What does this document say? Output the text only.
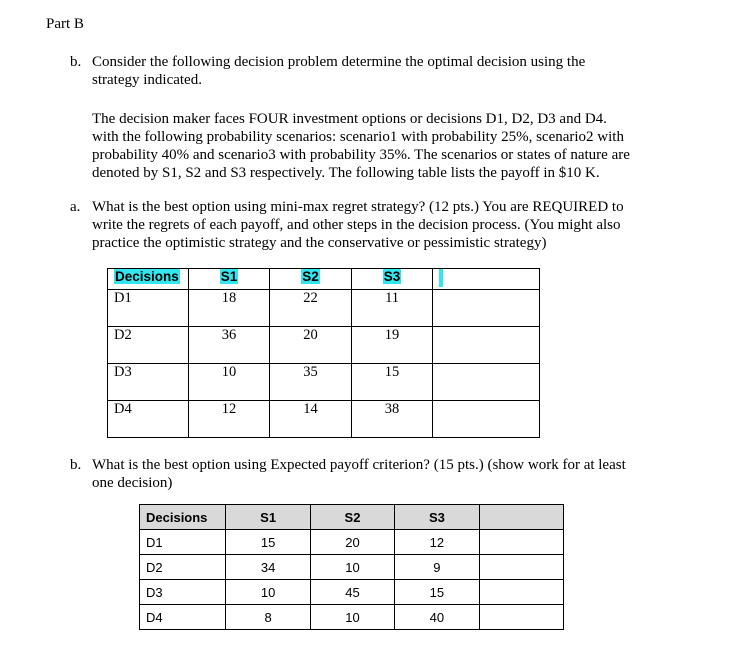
Part B
b. Consider the following decision problem determine the optimal decision using the
strategy indicated.
The decision maker faces FOUR investment options or decisions D1, D2, D3 and D4.
with the following probability scenarios: scenario1 with probability 25%, scenario2 with
probability 40% and scenario3 with probability 35%. The scenarios or states of nature are
denoted by S1, S2 and S3 respectively. The following table lists the payoff in $10 K.
a. What is the best option using mini-max regret strategy? (12 pts.) You are REQUIRED to
write the regrets of each payoff, and other steps in the decision process. (You might also
practice the optimistic strategy and the conservative or pessimistic strategy)
Decisions	S1	S2	S3	
D1	18	22	11	
D2	36	20	19	
D3	10	35	15	
D4	12	14	38	
b. What is the best option using Expected payoff criterion? (15 pts.) (show work for at least
one decision)
Decisions	S1	S2	S3	
D1	15	20	12	
D2	34	10	9	
D3	10	45	15	
D4	8	10	40	
